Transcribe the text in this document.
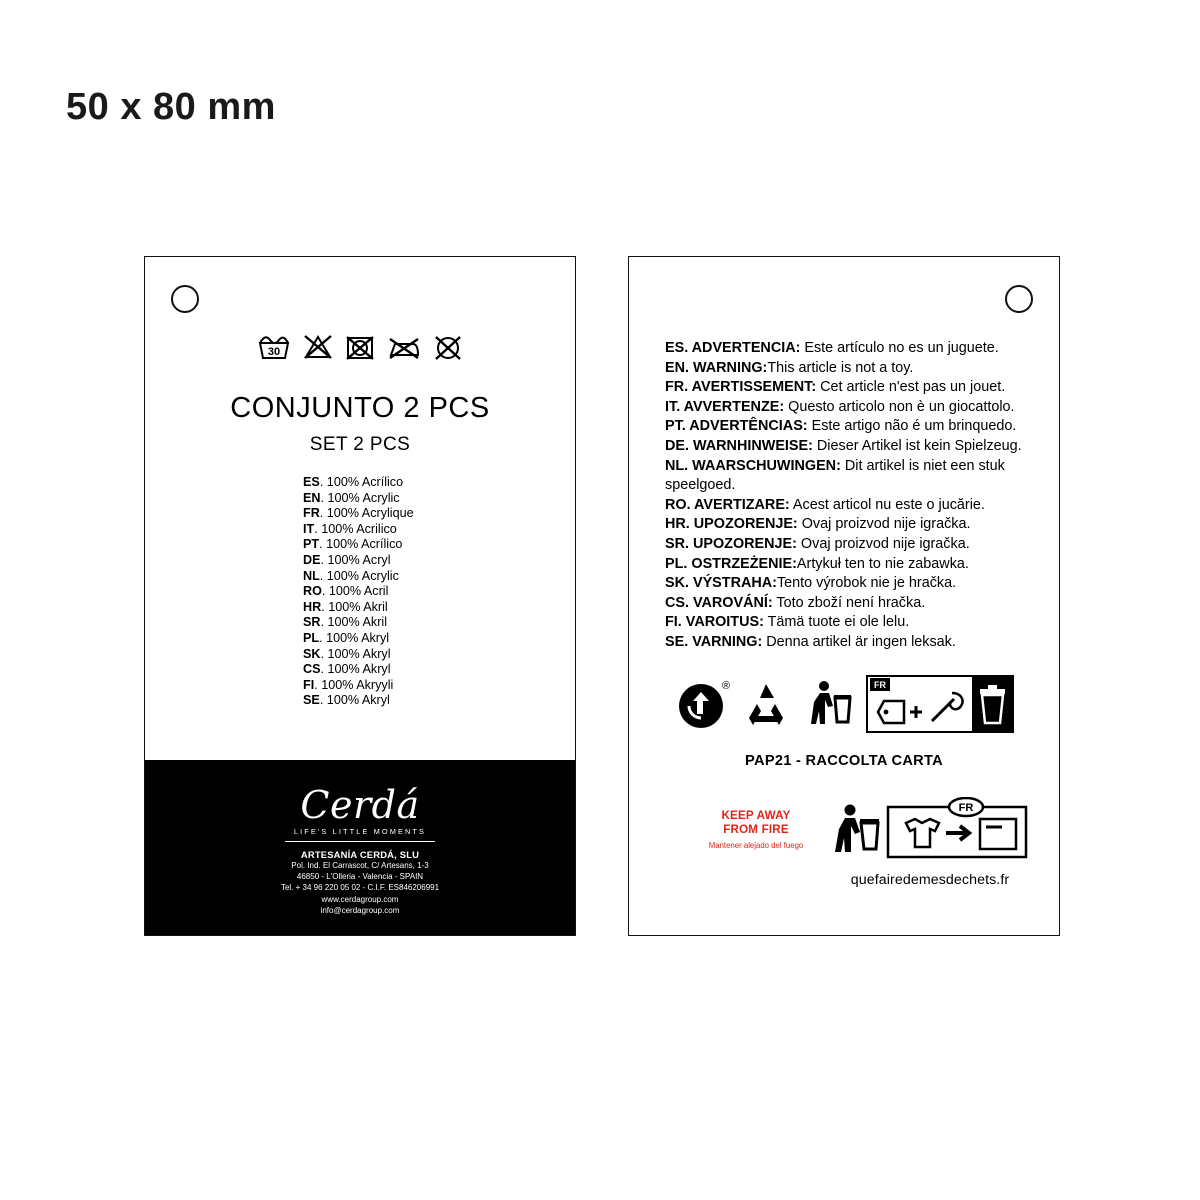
50 x 80 mm
30
CONJUNTO 2 PCS
SET 2 PCS
ES. 100% Acrílico
EN. 100% Acrylic
FR. 100% Acrylique
IT. 100% Acrilico
PT. 100% Acrílico
DE. 100% Acryl
NL. 100% Acrylic
RO. 100% Acril
HR. 100% Akril
SR. 100% Akril
PL. 100% Akryl
SK. 100% Akryl
CS. 100% Akryl
FI. 100% Akryyli
SE. 100% Akryl
Cerdá
LIFE'S LITTLE MOMENTS
ARTESANÍA CERDÁ, SLU
Pol. Ind. El Carrascot, C/ Artesans, 1-3
46850 - L'Olleria - Valencia - SPAIN
Tel. + 34 96 220 05 02 - C.I.F. ES846206991
www.cerdagroup.com
info@cerdagroup.com
ES. ADVERTENCIA: Este artículo no es un juguete.
EN. WARNING:This article is not a toy.
FR. AVERTISSEMENT: Cet article n'est pas un jouet.
IT. AVVERTENZE: Questo articolo non è un giocattolo.
PT. ADVERTÊNCIAS: Este artigo não é um brinquedo.
DE. WARNHINWEISE: Dieser Artikel ist kein Spielzeug.
NL. WAARSCHUWINGEN: Dit artikel is niet een stuk speelgoed.
RO. AVERTIZARE: Acest articol nu este o jucărie.
HR. UPOZORENJE: Ovaj proizvod nije igračka.
SR. UPOZORENJE: Ovaj proizvod nije igračka.
PL. OSTRZEŻENIE:Artykuł ten to nie zabawka.
SK. VÝSTRAHA:Tento výrobok nie je hračka.
CS. VAROVÁNÍ: Toto zboží není hračka.
FI. VAROITUS: Tämä tuote ei ole lelu.
SE. VARNING: Denna artikel är ingen leksak.
®	FR
PAP21 - RACCOLTA CARTA
KEEP AWAY
FROM FIRE
Mantener alejado del fuego
FR
quefairedemesdechets.fr
